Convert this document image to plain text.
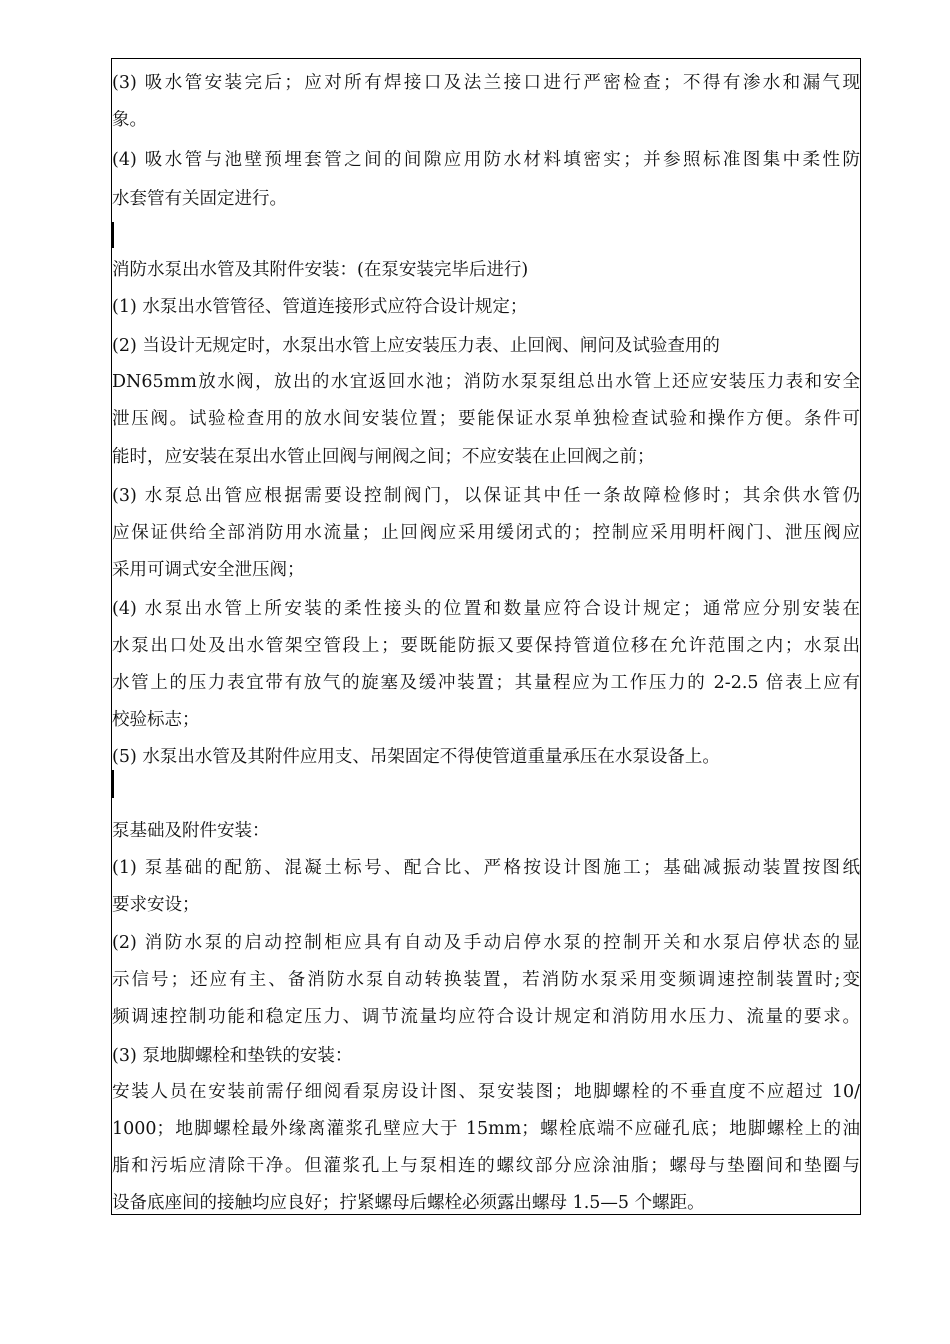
(3) 吸水管安装完后；应对所有焊接口及法兰接口进行严密检查；不得有渗水和漏气现
象。
(4) 吸水管与池壁预埋套管之间的间隙应用防水材料填密实；并参照标准图集中柔性防
水套管有关固定进行。
消防水泵出水管及其附件安装：(在泵安装完毕后进行)
(1) 水泵出水管管径、管道连接形式应符合设计规定；
(2) 当设计无规定时，水泵出水管上应安装压力表、止回阀、闸问及试验查用的
DN65mm放水阀，放出的水宜返回水池；消防水泵泵组总出水管上还应安装压力表和安全
泄压阀。试验检查用的放水间安装位置；要能保证水泵单独检查试验和操作方便。条件可
能时，应安装在泵出水管止回阀与闸阀之间；不应安装在止回阀之前；
(3) 水泵总出管应根据需要设控制阀门，以保证其中任一条故障检修时；其余供水管仍
应保证供给全部消防用水流量；止回阀应采用缓闭式的；控制应采用明杆阀门、泄压阀应
采用可调式安全泄压阀；
(4) 水泵出水管上所安装的柔性接头的位置和数量应符合设计规定；通常应分别安装在
水泵出口处及出水管架空管段上；要既能防振又要保持管道位移在允许范围之内；水泵出
水管上的压力表宜带有放气的旋塞及缓冲装置；其量程应为工作压力的 2-2.5 倍表上应有
校验标志；
(5) 水泵出水管及其附件应用支、吊架固定不得使管道重量承压在水泵设备上。
泵基础及附件安装：
(1) 泵基础的配筋、混凝土标号、配合比、严格按设计图施工；基础减振动装置按图纸
要求安设；
(2) 消防水泵的启动控制柜应具有自动及手动启停水泵的控制开关和水泵启停状态的显
示信号；还应有主、备消防水泵自动转换装置，若消防水泵采用变频调速控制装置时;变
频调速控制功能和稳定压力、调节流量均应符合设计规定和消防用水压力、流量的要求。
(3) 泵地脚螺栓和垫铁的安装：
安装人员在安装前需仔细阅看泵房设计图、泵安装图；地脚螺栓的不垂直度不应超过 10/
1000；地脚螺栓最外缘离灌浆孔壁应大于 15mm；螺栓底端不应碰孔底；地脚螺栓上的油
脂和污垢应清除干净。但灌浆孔上与泵相连的螺纹部分应涂油脂；螺母与垫圈间和垫圈与
设备底座间的接触均应良好；拧紧螺母后螺栓必须露出螺母 1.5—5 个螺距。
